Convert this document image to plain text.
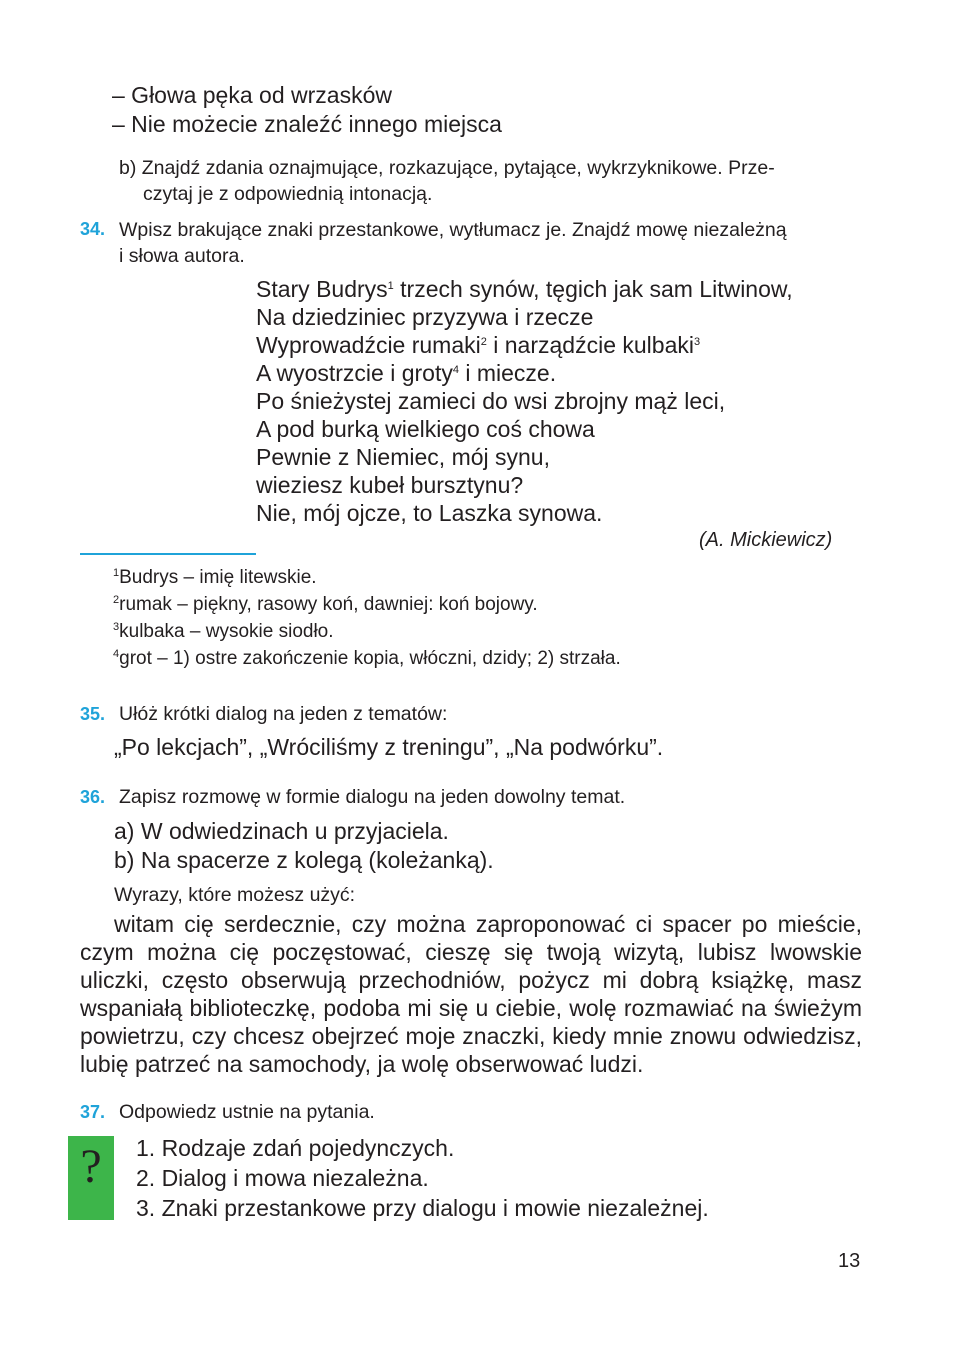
– Głowa pęka od wrzasków
– Nie możecie znaleźć innego miejsca
b) Znajdź zdania oznajmujące, rozkazujące, pytające, wykrzyknikowe. Prze-
czytaj je z odpowiednią intonacją.
34. Wpisz brakujące znaki przestankowe, wytłumacz je. Znajdź mowę niezależną
i słowa autora.
Stary Budrys$^1$ trzech synów, tęgich jak sam Litwinow,
Na dziedziniec przyzywa i rzecze
Wyprowadźcie rumaki$^2$ i narządźcie kulbaki$^3$
A wyostrzcie i groty$^4$ i miecze.
Po śnieżystej zamieci do wsi zbrojny mąż leci,
A pod burką wielkiego coś chowa
Pewnie z Niemiec, mój synu,
wieziesz kubeł bursztynu?
Nie, mój ojcze, to Laszka synowa.
(A. Mickiewicz)
$^1$Budrys – imię litewskie.
$^2$rumak – piękny, rasowy koń, dawniej: koń bojowy.
$^3$kulbaka – wysokie siodło.
$^4$grot – 1) ostre zakończenie kopia, włóczni, dzidy; 2) strzała.
35. Ułóż krótki dialog na jeden z tematów:
„Po lekcjach”, „Wróciliśmy z treningu”, „Na podwórku”.
36. Zapisz rozmowę w formie dialogu na jeden dowolny temat.
a) W odwiedzinach u przyjaciela.
b) Na spacerze z kolegą (koleżanką).
Wyrazy, które możesz użyć:

witam cię serdecznie, czy można zaproponować ci spacer po mieście,

czym można cię poczęstować, cieszę się twoją wizytą, lubisz lwowskie

uliczki, często obserwują przechodniów, pożycz mi dobrą książkę, masz

wspaniałą biblioteczkę, podoba mi się u ciebie, wolę rozmawiać na świeżym

powietrzu, czy chcesz obejrzeć moje znaczki, kiedy mnie znowu odwiedzisz,

lubię patrzeć na samochody, ja wolę obserwować ludzi.

37. Odpowiedz ustnie na pytania.
?	1. Rodzaje zdań pojedynczych.
2. Dialog i mowa niezależna.
3. Znaki przestankowe przy dialogu i mowie niezależnej.
13
